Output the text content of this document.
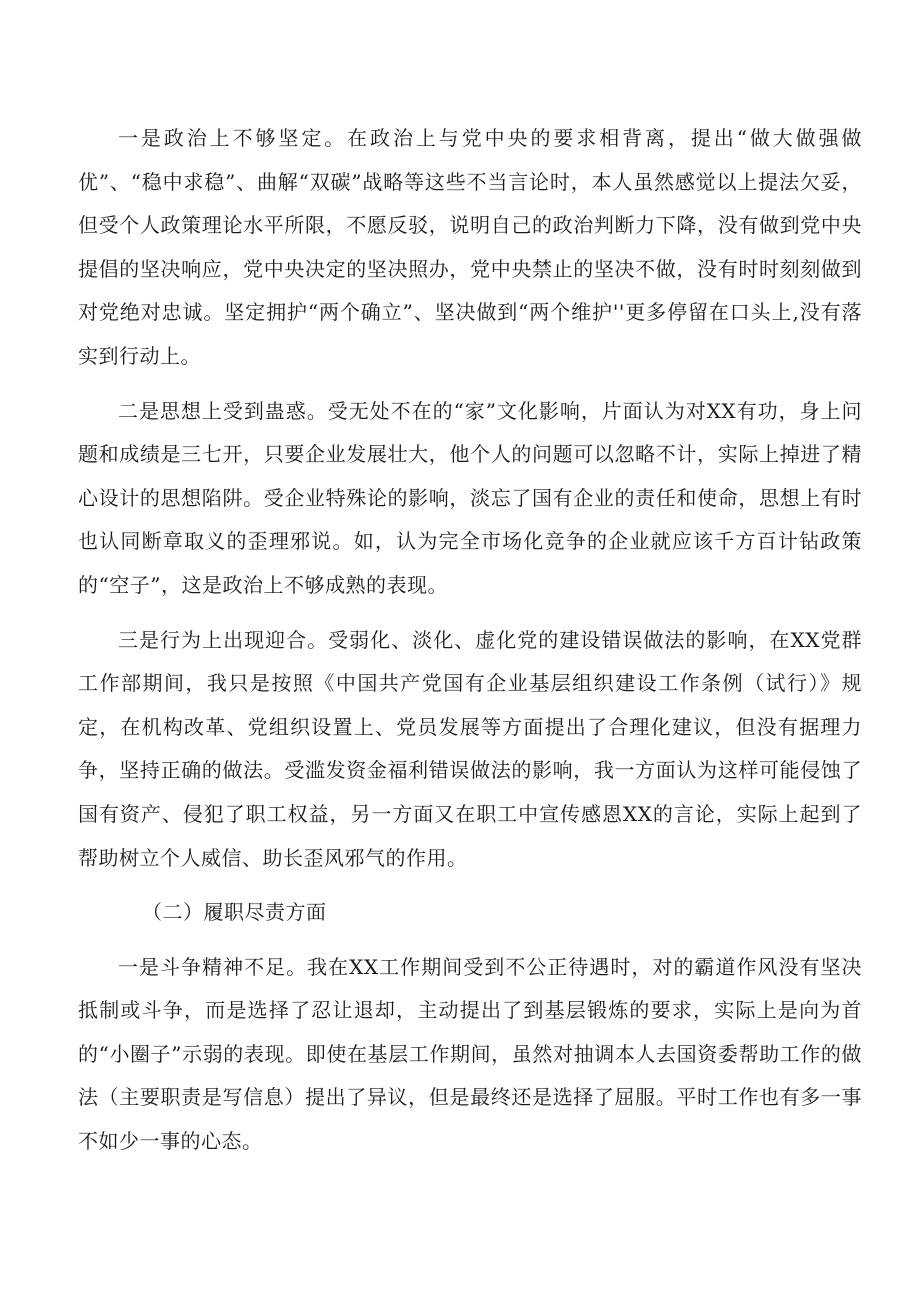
一是政治上不够坚定。在政治上与党中央的要求相背离，提出“做大做强做优”、“稳中求稳”、曲解“双碳”战略等这些不当言论时，本人虽然感觉以上提法欠妥，但受个人政策理论水平所限，不愿反驳，说明自己的政治判断力下降，没有做到党中央提倡的坚决响应，党中央决定的坚决照办，党中央禁止的坚决不做，没有时时刻刻做到对党绝对忠诚。坚定拥护“两个确立”、坚决做到“两个维护''更多停留在口头上,没有落实到行动上。

二是思想上受到蛊惑。受无处不在的“家”文化影响，片面认为对XX有功，身上问题和成绩是三七开，只要企业发展壮大，他个人的问题可以忽略不计，实际上掉进了精心设计的思想陷阱。受企业特殊论的影响，淡忘了国有企业的责任和使命，思想上有时也认同断章取义的歪理邪说。如，认为完全市场化竞争的企业就应该千方百计钻政策的“空子”，这是政治上不够成熟的表现。

三是行为上出现迎合。受弱化、淡化、虚化党的建设错误做法的影响，在XX党群工作部期间，我只是按照《中国共产党国有企业基层组织建设工作条例（试行）》规定，在机构改革、党组织设置上、党员发展等方面提出了合理化建议，但没有据理力争，坚持正确的做法。受滥发资金福利错误做法的影响，我一方面认为这样可能侵蚀了国有资产、侵犯了职工权益，另一方面又在职工中宣传感恩XX的言论，实际上起到了帮助树立个人威信、助长歪风邪气的作用。

（二）履职尽责方面

一是斗争精神不足。我在XX工作期间受到不公正待遇时，对的霸道作风没有坚决抵制或斗争，而是选择了忍让退却，主动提出了到基层锻炼的要求，实际上是向为首的“小圈子”示弱的表现。即使在基层工作期间，虽然对抽调本人去国资委帮助工作的做法（主要职责是写信息）提出了异议，但是最终还是选择了屈服。平时工作也有多一事不如少一事的心态。
